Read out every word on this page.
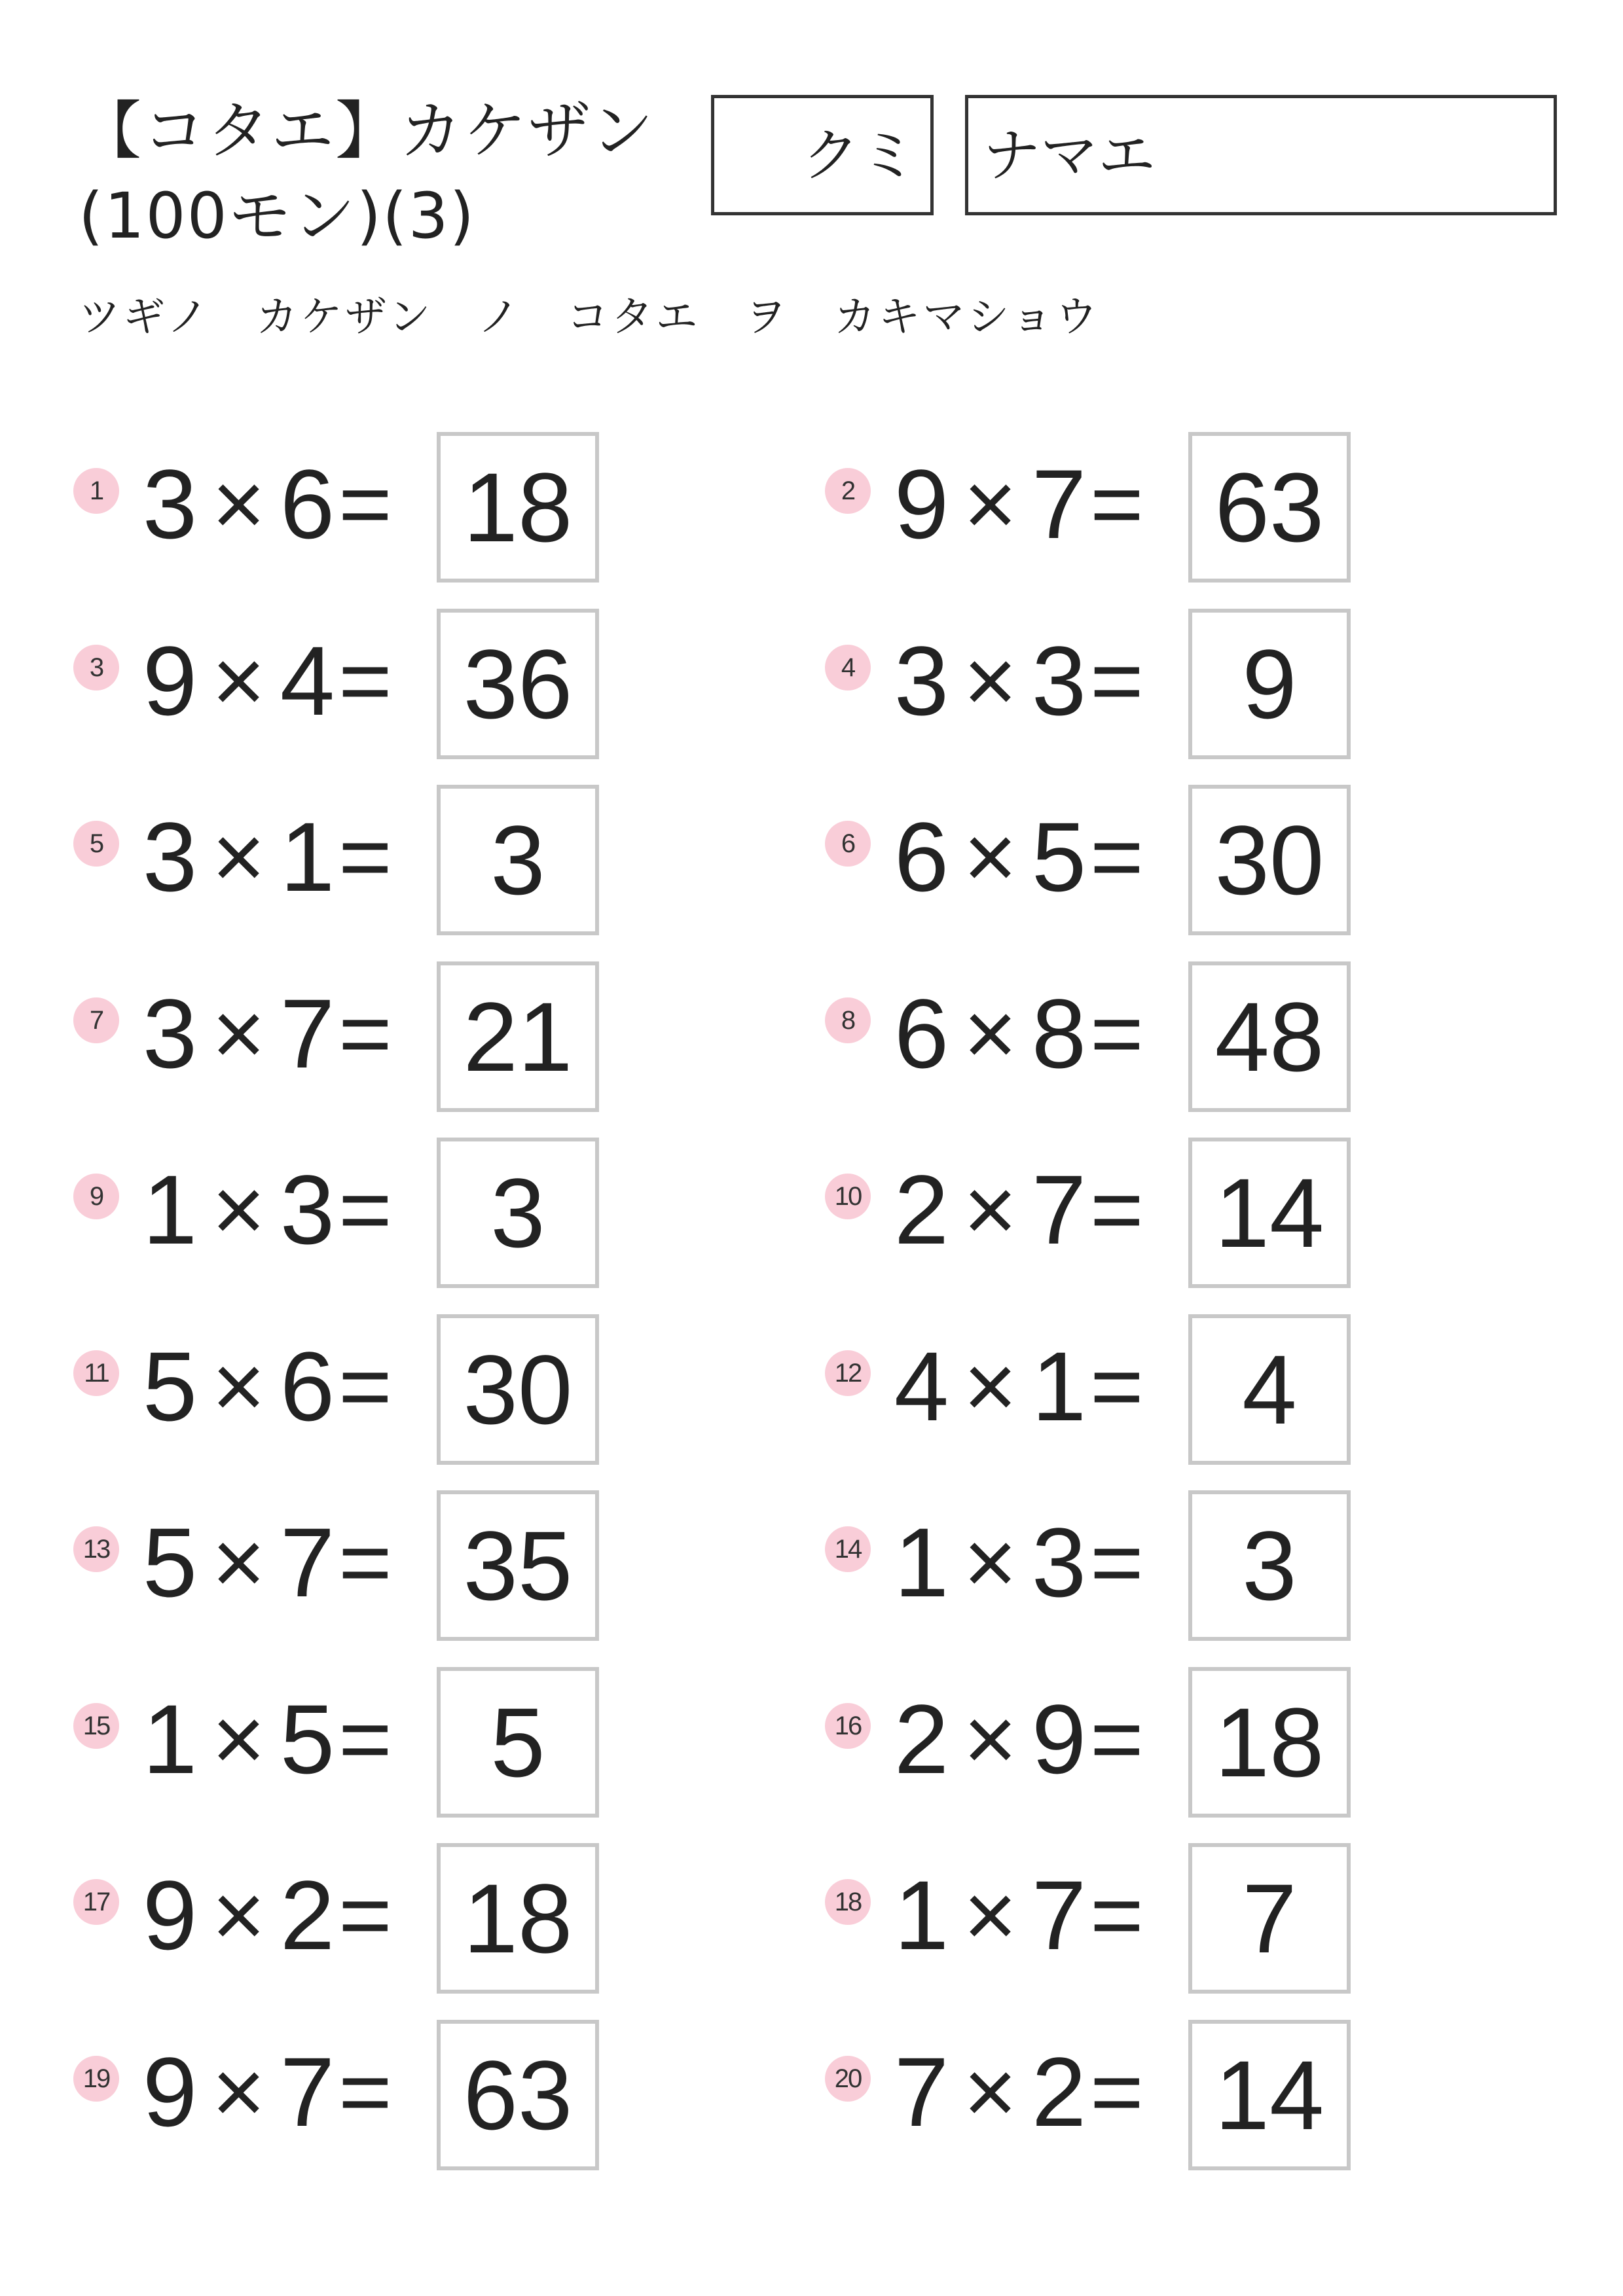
【コタエ】カケザン(100モン)(3)
クミ	ナマエ
ツギノ　カケザン　ノ　コタエ　ヲ　カキマショウ
1 3 × 6 = 18	2 9 × 7 = 63
3 9 × 4 = 36	4 3 × 3 =	9
5 3 × 1 =	3	6 6 × 5 = 30
7 3 × 7 = 21	8 6 × 8 = 48
9 1 × 3 =	3	10 2 × 7 = 14
11 5 × 6 = 30	12 4 × 1 =	4
13 5 × 7 = 35	14 1 × 3 =	3
15 1 × 5 =	5	16 2 × 9 = 18
17 9 × 2 = 18	18 1 × 7 =	7
19 9 × 7 = 63	20 7 × 2 = 14
